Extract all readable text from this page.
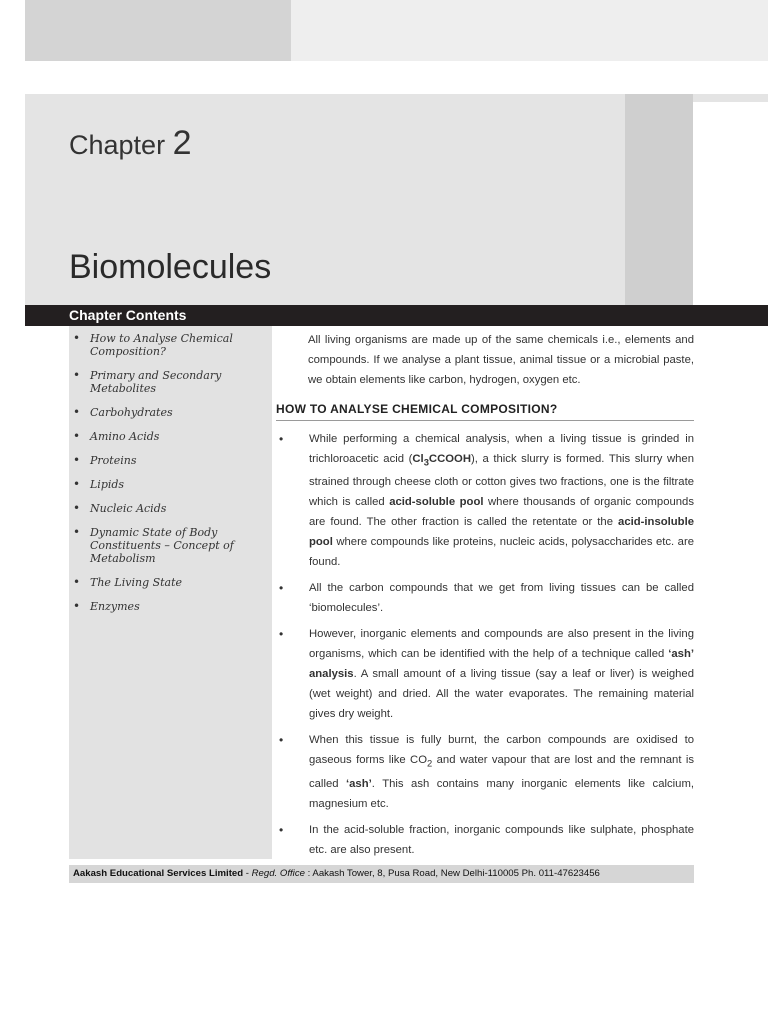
Chapter 2
Biomolecules
Chapter Contents
• How to Analyse Chemical Composition?
• Primary and Secondary Metabolites
• Carbohydrates
• Amino Acids
• Proteins
• Lipids
• Nucleic Acids
• Dynamic State of Body Constituents – Concept of Metabolism
• The Living State
• Enzymes

All living organisms are made up of the same chemicals i.e., elements and compounds. If we analyse a plant tissue, animal tissue or a microbial paste, we obtain elements like carbon, hydrogen, oxygen etc.

HOW TO ANALYSE CHEMICAL COMPOSITION?
• While performing a chemical analysis, when a living tissue is grinded in trichloroacetic acid $(Cl_3CCOOH)$, a thick slurry is formed. This slurry when strained through cheese cloth or cotton gives two fractions, one is the filtrate which is called acid-soluble pool where thousands of organic compounds are found. The other fraction is called the retentate or the acid-insoluble pool where compounds like proteins, nucleic acids, polysaccharides etc. are found.
• All the carbon compounds that we get from living tissues can be called ‘biomolecules’.
• However, inorganic elements and compounds are also present in the living organisms, which can be identified with the help of a technique called ‘ash’ analysis. A small amount of a living tissue (say a leaf or liver) is weighed (wet weight) and dried. All the water evaporates. The remaining material gives dry weight.
• When this tissue is fully burnt, the carbon compounds are oxidised to gaseous forms like $CO_2$ and water vapour that are lost and the remnant is called ‘ash’. This ash contains many inorganic elements like calcium, magnesium etc.
• In the acid-soluble fraction, inorganic compounds like sulphate, phosphate etc. are also present.
Aakash Educational Services Limited - Regd. Office : Aakash Tower, 8, Pusa Road, New Delhi-110005 Ph. 011-47623456
